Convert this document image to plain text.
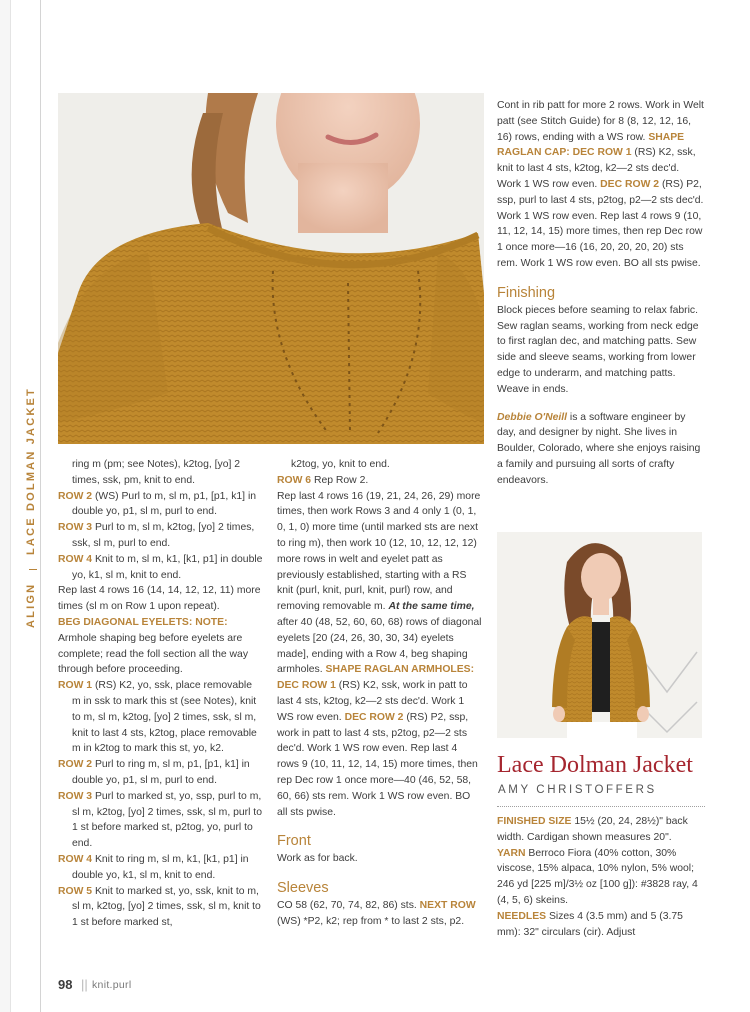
ALIGN
LACE DOLMAN JACKET	ring m (pm; see Notes), k2tog, [yo] 2 times, ssk, pm, knit to end.

ROW 2 (WS) Purl to m, sl m, p1, [p1, k1] in double yo, p1, sl m, purl to end.

ROW 3 Purl to m, sl m, k2tog, [yo] 2 times, ssk, sl m, purl to end.

ROW 4 Knit to m, sl m, k1, [k1, p1] in double yo, k1, sl m, knit to end.

Rep last 4 rows 16 (14, 14, 12, 12, 11) more times (sl m on Row 1 upon repeat).

BEG DIAGONAL EYELETS: NOTE: Armhole shaping beg before eyelets are complete; read the foll section all the way through before proceeding.

ROW 1 (RS) K2, yo, ssk, place removable m in ssk to mark this st (see Notes), knit to m, sl m, k2tog, [yo] 2 times, ssk, sl m, knit to last 4 sts, k2tog, place removable m in k2tog to mark this st, yo, k2.

ROW 2 Purl to ring m, sl m, p1, [p1, k1] in double yo, p1, sl m, purl to end.

ROW 3 Purl to marked st, yo, ssp, purl to m, sl m, k2tog, [yo] 2 times, ssk, sl m, purl to 1 st before marked st, p2tog, yo, purl to end.

ROW 4 Knit to ring m, sl m, k1, [k1, p1] in double yo, k1, sl m, knit to end.

ROW 5 Knit to marked st, yo, ssk, knit to m, sl m, k2tog, [yo] 2 times, ssk, sl m, knit to 1 st before marked st,

k2tog, yo, knit to end.

ROW 6 Rep Row 2.

Rep last 4 rows 16 (19, 21, 24, 26, 29) more times, then work Rows 3 and 4 only 1 (0, 1, 0, 1, 0) more time (until marked sts are next to ring m), then work 10 (12, 10, 12, 12, 12) more rows in welt and eyelet patt as previously established, starting with a RS knit (purl, knit, purl, knit, purl) row, and removing removable m. At the same time, after 40 (48, 52, 60, 60, 68) rows of diagonal eyelets [20 (24, 26, 30, 30, 34) eyelets made], ending with a Row 4, beg shaping armholes. SHAPE RAGLAN ARMHOLES: DEC ROW 1 (RS) K2, ssk, work in patt to last 4 sts, k2tog, k2—2 sts dec'd. Work 1 WS row even. DEC ROW 2 (RS) P2, ssp, work in patt to last 4 sts, p2tog, p2—2 sts dec'd. Work 1 WS row even. Rep last 4 rows 9 (10, 11, 12, 14, 15) more times, then rep Dec row 1 once more—40 (46, 52, 58, 60, 66) sts rem. Work 1 WS row even. BO all sts pwise.

Front

Work as for back.

Sleeves

CO 58 (62, 70, 74, 82, 86) sts. NEXT ROW (WS) *P2, k2; rep from * to last 2 sts, p2.

Cont in rib patt for more 2 rows. Work in Welt patt (see Stitch Guide) for 8 (8, 12, 12, 16, 16) rows, ending with a WS row. SHAPE RAGLAN CAP: DEC ROW 1 (RS) K2, ssk, knit to last 4 sts, k2tog, k2—2 sts dec'd. Work 1 WS row even. DEC ROW 2 (RS) P2, ssp, purl to last 4 sts, p2tog, p2—2 sts dec'd. Work 1 WS row even. Rep last 4 rows 9 (10, 11, 12, 14, 15) more times, then rep Dec row 1 once more—16 (16, 20, 20, 20, 20) sts rem. Work 1 WS row even. BO all sts pwise.

Finishing

Block pieces before seaming to relax fabric. Sew raglan seams, working from neck edge to first raglan dec, and matching patts. Sew side and sleeve seams, working from lower edge to underarm, and matching patts. Weave in ends.

Debbie O'Neill is a software engineer by day, and designer by night. She lives in Boulder, Colorado, where she enjoys raising a family and pursuing all sorts of crafty endeavors.

Lace Dolman Jacket
AMY CHRISTOFFERS

FINISHED SIZE 15½ (20, 24, 28½)" back width. Cardigan shown measures 20".

YARN Berroco Fiora (40% cotton, 30% viscose, 15% alpaca, 10% nylon, 5% wool; 246 yd [225 m]/3½ oz [100 g]): #3828 ray, 4 (4, 5, 6) skeins.

NEEDLES Sizes 4 (3.5 mm) and 5 (3.75 mm): 32" circulars (cir). Adjust

98 || knit.purl
